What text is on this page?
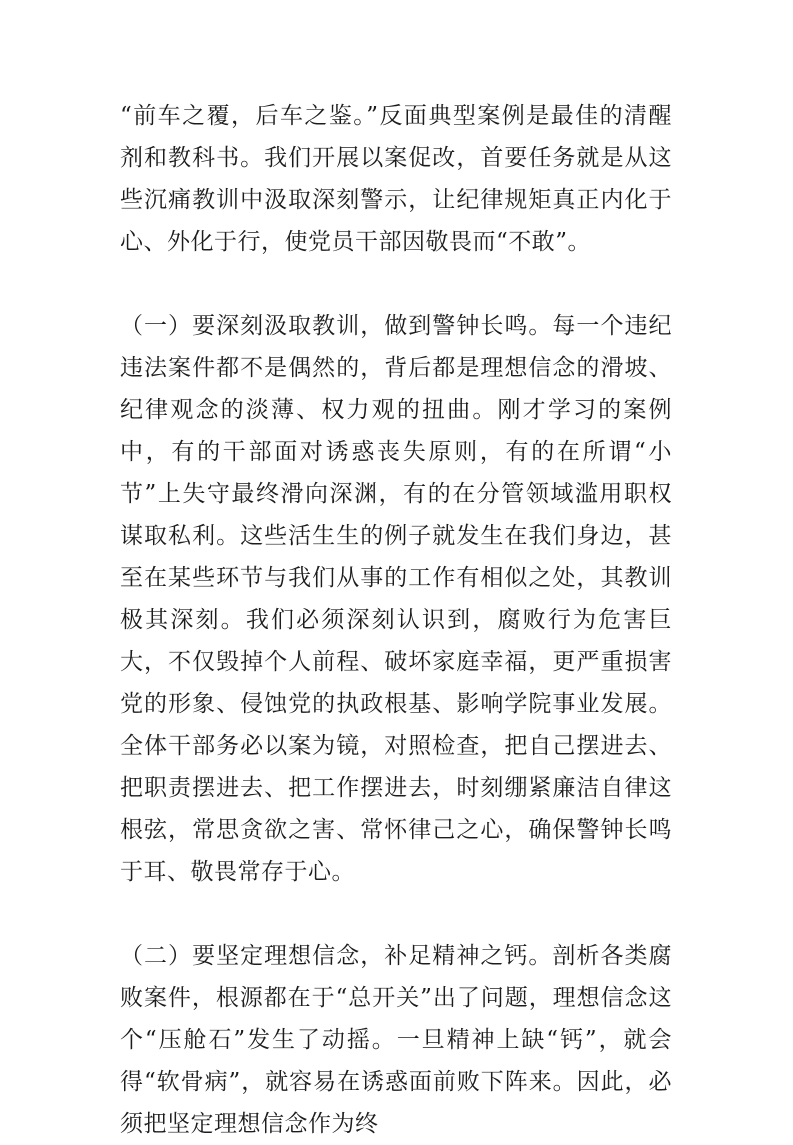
“前车之覆，后车之鉴。”反面典型案例是最佳的清醒剂和教科书。我们开展以案促改，首要任务就是从这些沉痛教训中汲取深刻警示，让纪律规矩真正内化于心、外化于行，使党员干部因敬畏而“不敢”。

（一）要深刻汲取教训，做到警钟长鸣。每一个违纪违法案件都不是偶然的，背后都是理想信念的滑坡、纪律观念的淡薄、权力观的扭曲。刚才学习的案例中，有的干部面对诱惑丧失原则，有的在所谓“小节”上失守最终滑向深渊，有的在分管领域滥用职权谋取私利。这些活生生的例子就发生在我们身边，甚至在某些环节与我们从事的工作有相似之处，其教训极其深刻。我们必须深刻认识到，腐败行为危害巨大，不仅毁掉个人前程、破坏家庭幸福，更严重损害党的形象、侵蚀党的执政根基、影响学院事业发展。全体干部务必以案为镜，对照检查，把自己摆进去、把职责摆进去、把工作摆进去，时刻绷紧廉洁自律这根弦，常思贪欲之害、常怀律己之心，确保警钟长鸣于耳、敬畏常存于心。

（二）要坚定理想信念，补足精神之钙。剖析各类腐败案件，根源都在于“总开关”出了问题，理想信念这个“压舱石”发生了动摇。一旦精神上缺“钙”，就会得“软骨病”，就容易在诱惑面前败下阵来。因此，必须把坚定理想信念作为终
